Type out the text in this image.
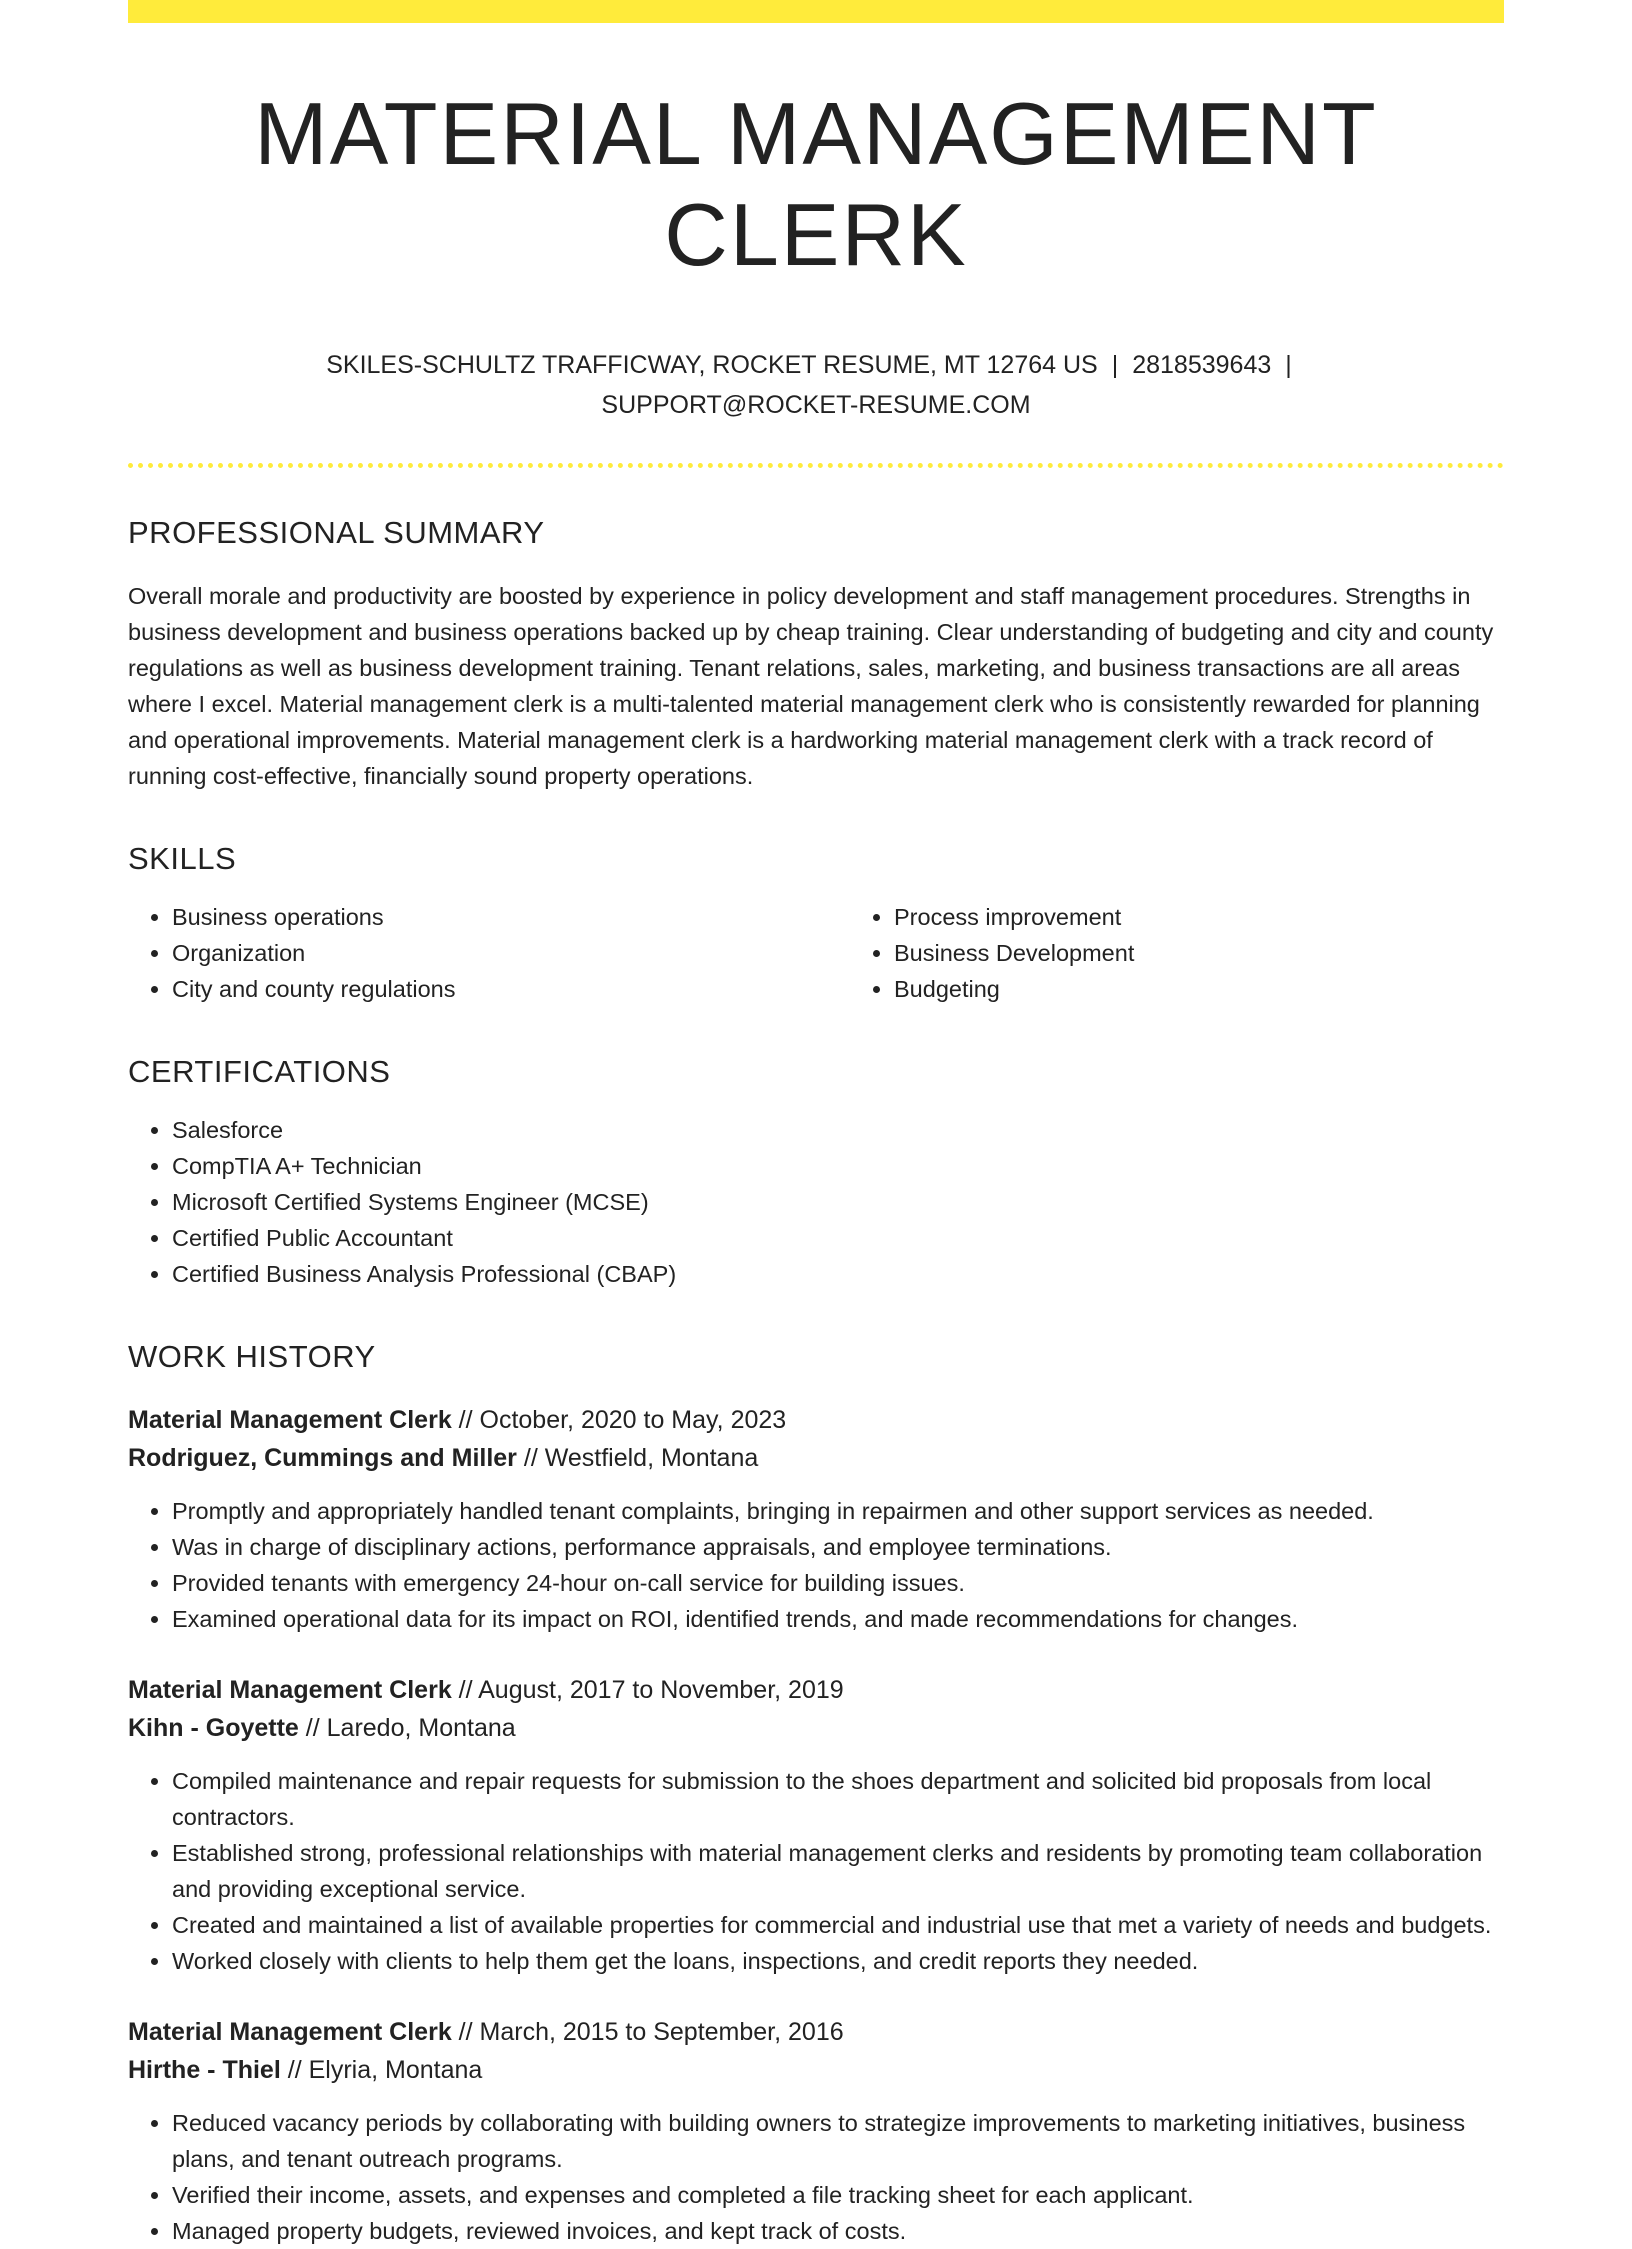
MATERIAL MANAGEMENT CLERK
SKILES-SCHULTZ TRAFFICWAY, ROCKET RESUME, MT 12764 US | 2818539643 |
SUPPORT@ROCKET-RESUME.COM
PROFESSIONAL SUMMARY

Overall morale and productivity are boosted by experience in policy development and staff management procedures. Strengths in business development and business operations backed up by cheap training. Clear understanding of budgeting and city and county regulations as well as business development training. Tenant relations, sales, marketing, and business transactions are all areas where I excel. Material management clerk is a multi-talented material management clerk who is consistently rewarded for planning and operational improvements. Material management clerk is a hardworking material management clerk with a track record of running cost-effective, financially sound property operations.

SKILLS
• Business operations
• Organization
• City and county regulations
• Process improvement
• Business Development
• Budgeting
CERTIFICATIONS
• Salesforce
• CompTIA A+ Technician
• Microsoft Certified Systems Engineer (MCSE)
• Certified Public Accountant
• Certified Business Analysis Professional (CBAP)
WORK HISTORY
Material Management Clerk // October, 2020 to May, 2023
Rodriguez, Cummings and Miller // Westfield, Montana
• Promptly and appropriately handled tenant complaints, bringing in repairmen and other support services as needed.
• Was in charge of disciplinary actions, performance appraisals, and employee terminations.
• Provided tenants with emergency 24-hour on-call service for building issues.
• Examined operational data for its impact on ROI, identified trends, and made recommendations for changes.
Material Management Clerk // August, 2017 to November, 2019
Kihn - Goyette // Laredo, Montana
• Compiled maintenance and repair requests for submission to the shoes department and solicited bid proposals from local contractors.
• Established strong, professional relationships with material management clerks and residents by promoting team collaboration and providing exceptional service.
• Created and maintained a list of available properties for commercial and industrial use that met a variety of needs and budgets.
• Worked closely with clients to help them get the loans, inspections, and credit reports they needed.
Material Management Clerk // March, 2015 to September, 2016
Hirthe - Thiel // Elyria, Montana
• Reduced vacancy periods by collaborating with building owners to strategize improvements to marketing initiatives, business plans, and tenant outreach programs.
• Verified their income, assets, and expenses and completed a file tracking sheet for each applicant.
• Managed property budgets, reviewed invoices, and kept track of costs.
